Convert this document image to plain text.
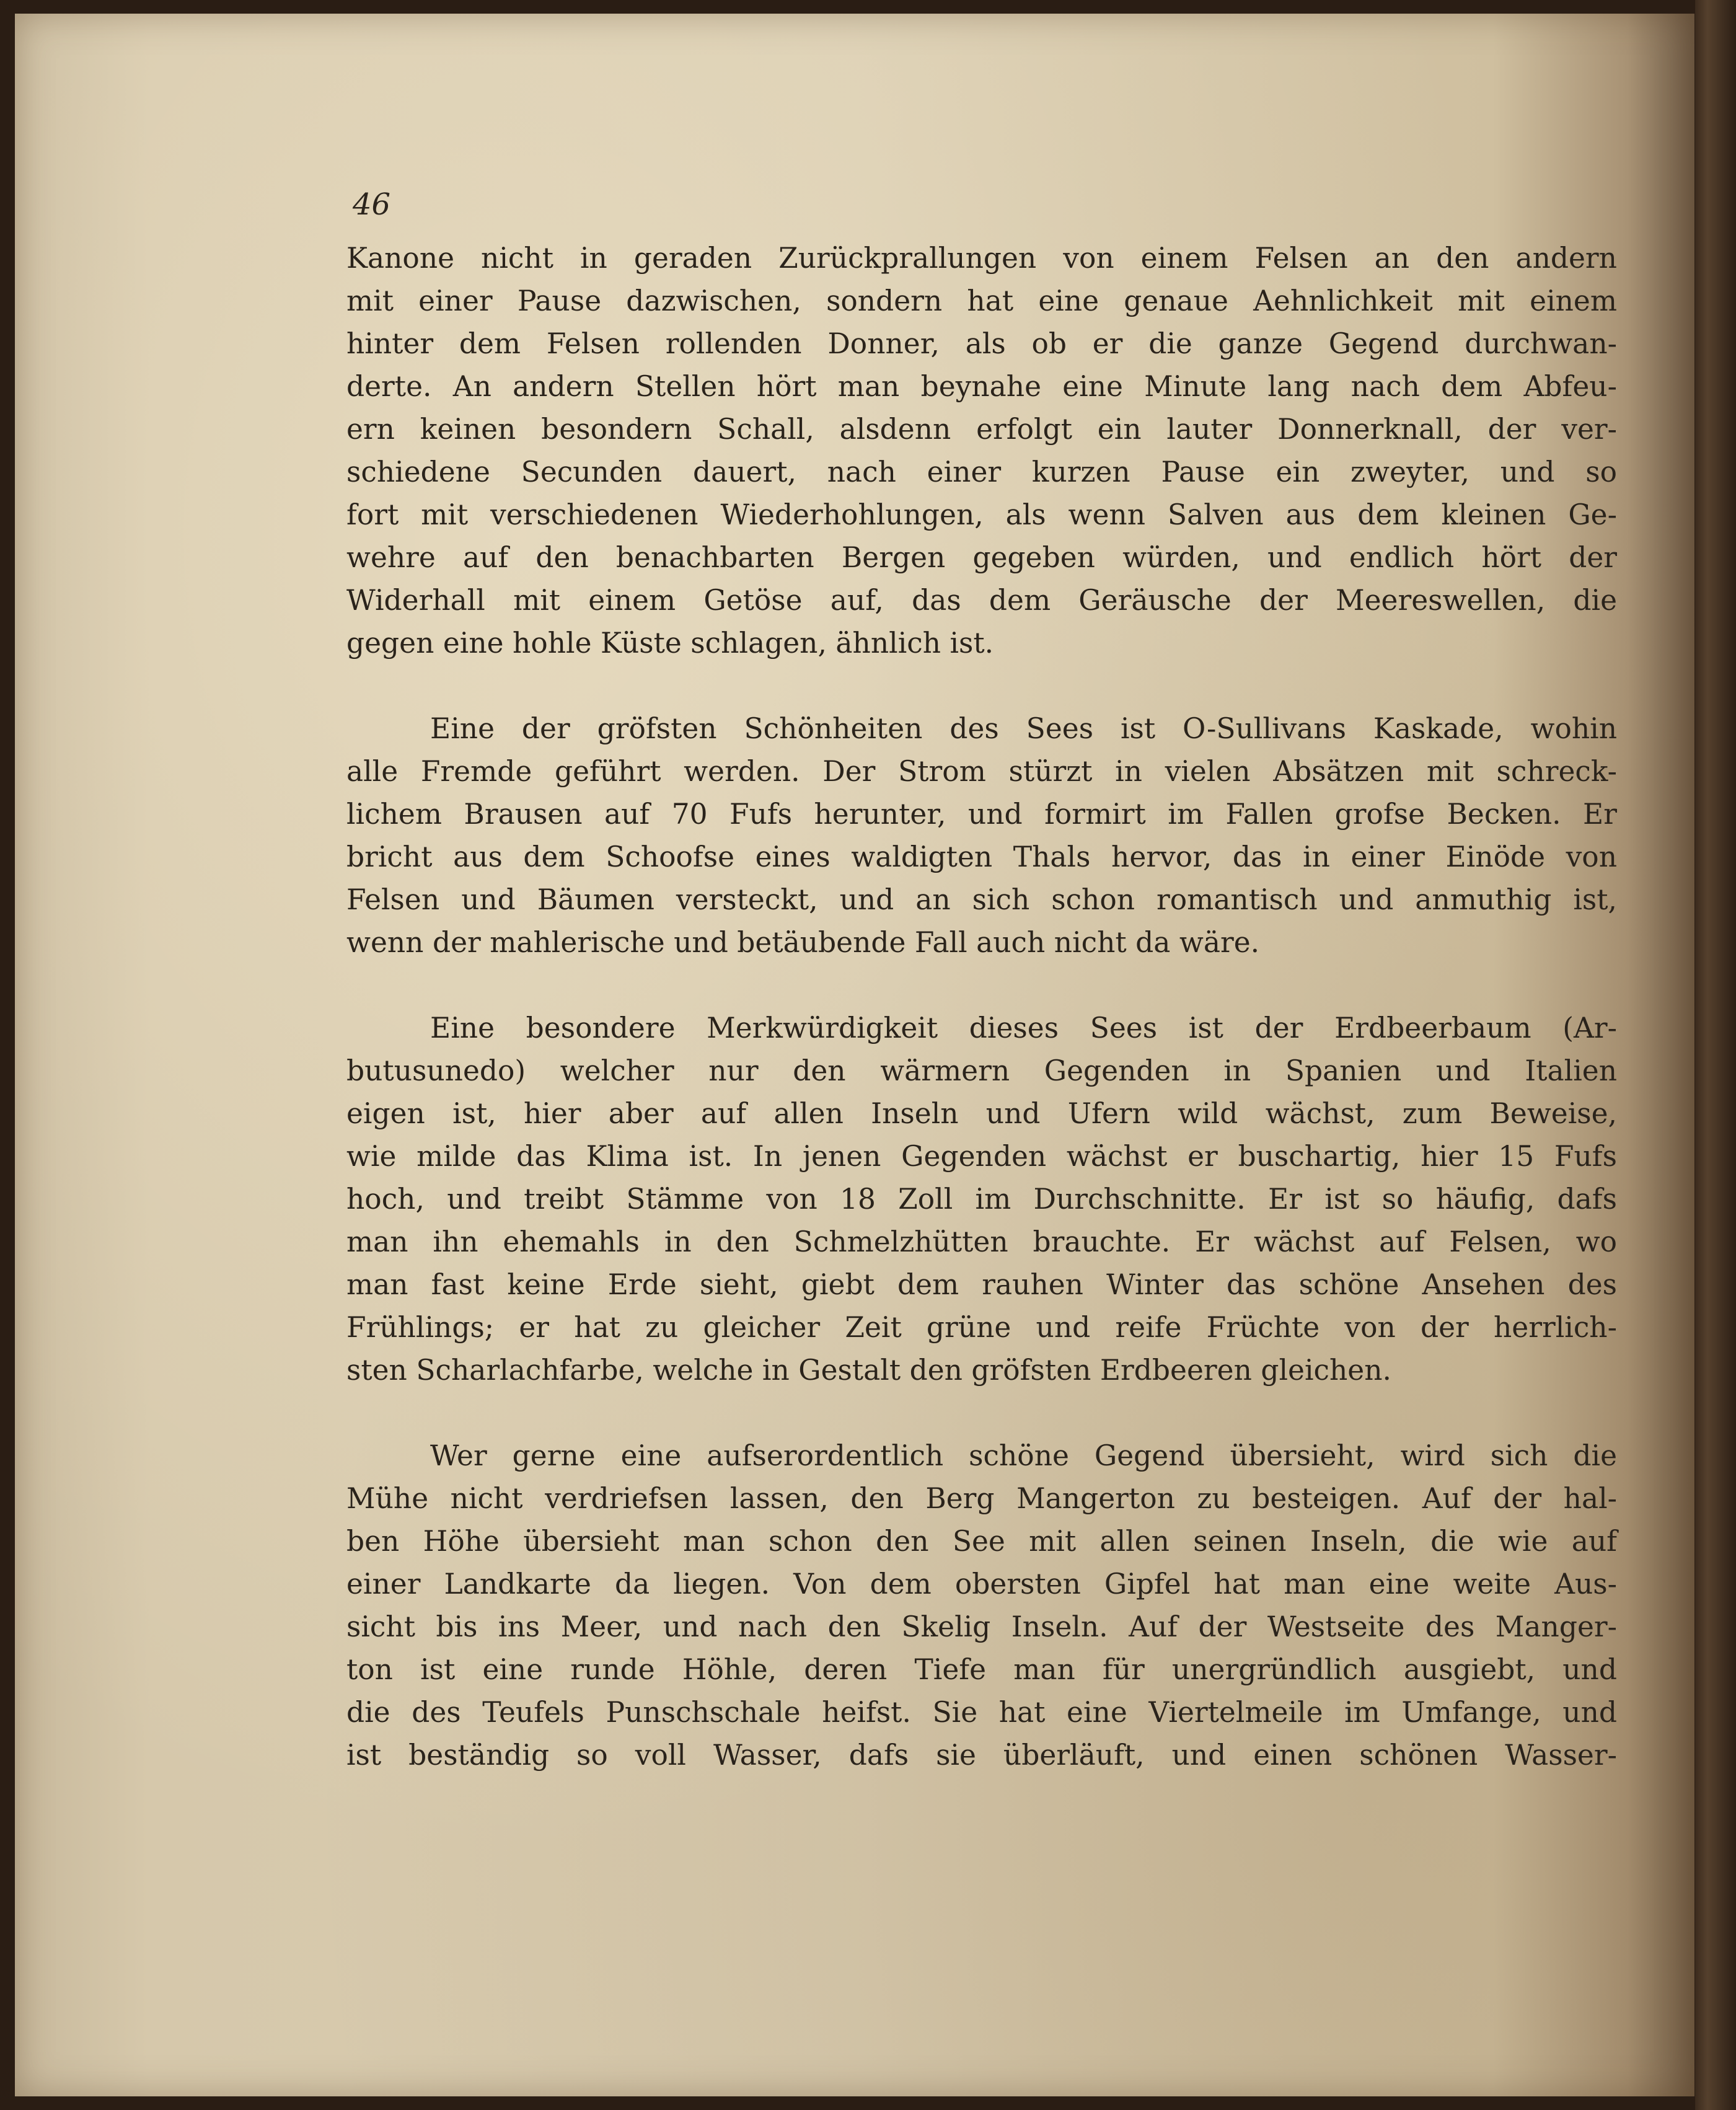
46
Kanone nicht in geraden Zurückprallungen von einem Felsen an den andern
mit einer Pause dazwischen, sondern hat eine genaue Aehnlichkeit mit einem
hinter dem Felsen rollenden Donner, als ob er die ganze Gegend durchwan-
derte. An andern Stellen hört man beynahe eine Minute lang nach dem Abfeu-
ern keinen besondern Schall, alsdenn erfolgt ein lauter Donnerknall, der ver-
schiedene Secunden dauert, nach einer kurzen Pause ein zweyter, und so
fort mit verschiedenen Wiederhohlungen, als wenn Salven aus dem kleinen Ge-
wehre auf den benachbarten Bergen gegeben würden, und endlich hört der
Widerhall mit einem Getöse auf, das dem Geräusche der Meereswellen, die
gegen eine hohle Küste schlagen, ähnlich ist.
Eine der gröfsten Schönheiten des Sees ist O-Sullivans Kaskade, wohin
alle Fremde geführt werden. Der Strom stürzt in vielen Absätzen mit schreck-
lichem Brausen auf 70 Fufs herunter, und formirt im Fallen grofse Becken. Er
bricht aus dem Schoofse eines waldigten Thals hervor, das in einer Einöde von
Felsen und Bäumen versteckt, und an sich schon romantisch und anmuthig ist,
wenn der mahlerische und betäubende Fall auch nicht da wäre.
Eine besondere Merkwürdigkeit dieses Sees ist der Erdbeerbaum (Ar-
butusunedo) welcher nur den wärmern Gegenden in Spanien und Italien
eigen ist, hier aber auf allen Inseln und Ufern wild wächst, zum Beweise,
wie milde das Klima ist. In jenen Gegenden wächst er buschartig, hier 15 Fufs
hoch, und treibt Stämme von 18 Zoll im Durchschnitte. Er ist so häufig, dafs
man ihn ehemahls in den Schmelzhütten brauchte. Er wächst auf Felsen, wo
man fast keine Erde sieht, giebt dem rauhen Winter das schöne Ansehen des
Frühlings; er hat zu gleicher Zeit grüne und reife Früchte von der herrlich-
sten Scharlachfarbe, welche in Gestalt den gröfsten Erdbeeren gleichen.
Wer gerne eine aufserordentlich schöne Gegend übersieht, wird sich die
Mühe nicht verdriefsen lassen, den Berg Mangerton zu besteigen. Auf der hal-
ben Höhe übersieht man schon den See mit allen seinen Inseln, die wie auf
einer Landkarte da liegen. Von dem obersten Gipfel hat man eine weite Aus-
sicht bis ins Meer, und nach den Skelig Inseln. Auf der Westseite des Manger-
ton ist eine runde Höhle, deren Tiefe man für unergründlich ausgiebt, und
die des Teufels Punschschale heifst. Sie hat eine Viertelmeile im Umfange, und
ist beständig so voll Wasser, dafs sie überläuft, und einen schönen Wasser-
